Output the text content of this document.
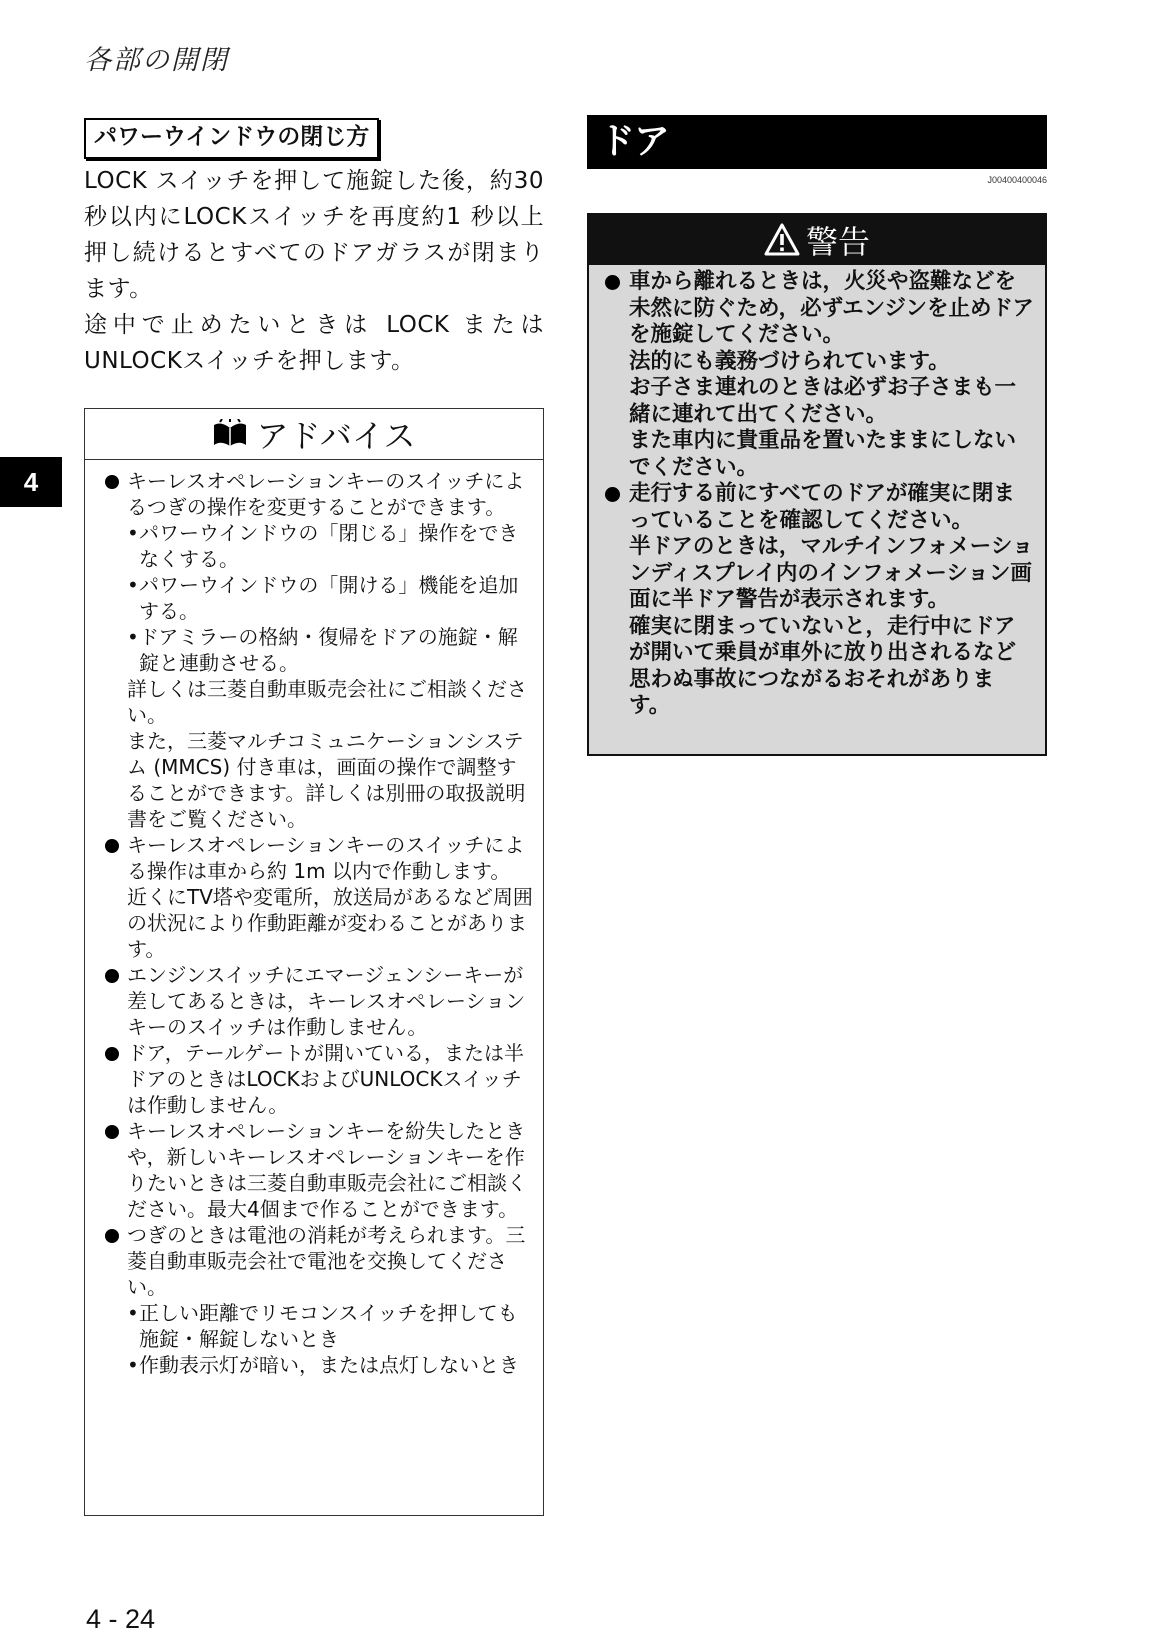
各部の開閉
4
パワーウインドウの閉じ方

LOCK スイッチを押して施錠した後，約30 秒以内にLOCKスイッチを再度約1 秒以上押し続けるとすべてのドアガラスが閉まります。

途中で止めたいときは LOCK または UNLOCKスイッチを押します。

アドバイス

キーレスオペレーションキーのスイッチによるつぎの操作を変更することができます。

• パワーウインドウの「閉じる」操作をできなくする。

• パワーウインドウの「開ける」機能を追加する。

• ドアミラーの格納・復帰をドアの施錠・解錠と連動させる。

詳しくは三菱自動車販売会社にご相談ください。

また，三菱マルチコミュニケーションシステム (MMCS) 付き車は，画面の操作で調整することができます。詳しくは別冊の取扱説明書をご覧ください。

キーレスオペレーションキーのスイッチによる操作は車から約 1m 以内で作動します。

近くにTV塔や変電所，放送局があるなど周囲の状況により作動距離が変わることがあります。

エンジンスイッチにエマージェンシーキーが差してあるときは，キーレスオペレーションキーのスイッチは作動しません。

ドア，テールゲートが開いている，または半ドアのときはLOCKおよびUNLOCKスイッチは作動しません。

キーレスオペレーションキーを紛失したときや，新しいキーレスオペレーションキーを作りたいときは三菱自動車販売会社にご相談ください。最大4個まで作ることができます。

つぎのときは電池の消耗が考えられます。三菱自動車販売会社で電池を交換してください。

• 正しい距離でリモコンスイッチを押しても施錠・解錠しないとき

• 作動表示灯が暗い，または点灯しないとき

ドア
J00400400046
警告

車から離れるときは，火災や盗難などを未然に防ぐため，必ずエンジンを止めドアを施錠してください。

法的にも義務づけられています。

お子さま連れのときは必ずお子さまも一緒に連れて出てください。

また車内に貴重品を置いたままにしないでください。

走行する前にすべてのドアが確実に閉まっていることを確認してください。

半ドアのときは，マルチインフォメーションディスプレイ内のインフォメーション画面に半ドア警告が表示されます。

確実に閉まっていないと，走行中にドアが開いて乗員が車外に放り出されるなど思わぬ事故につながるおそれがあります。

4 - 24
